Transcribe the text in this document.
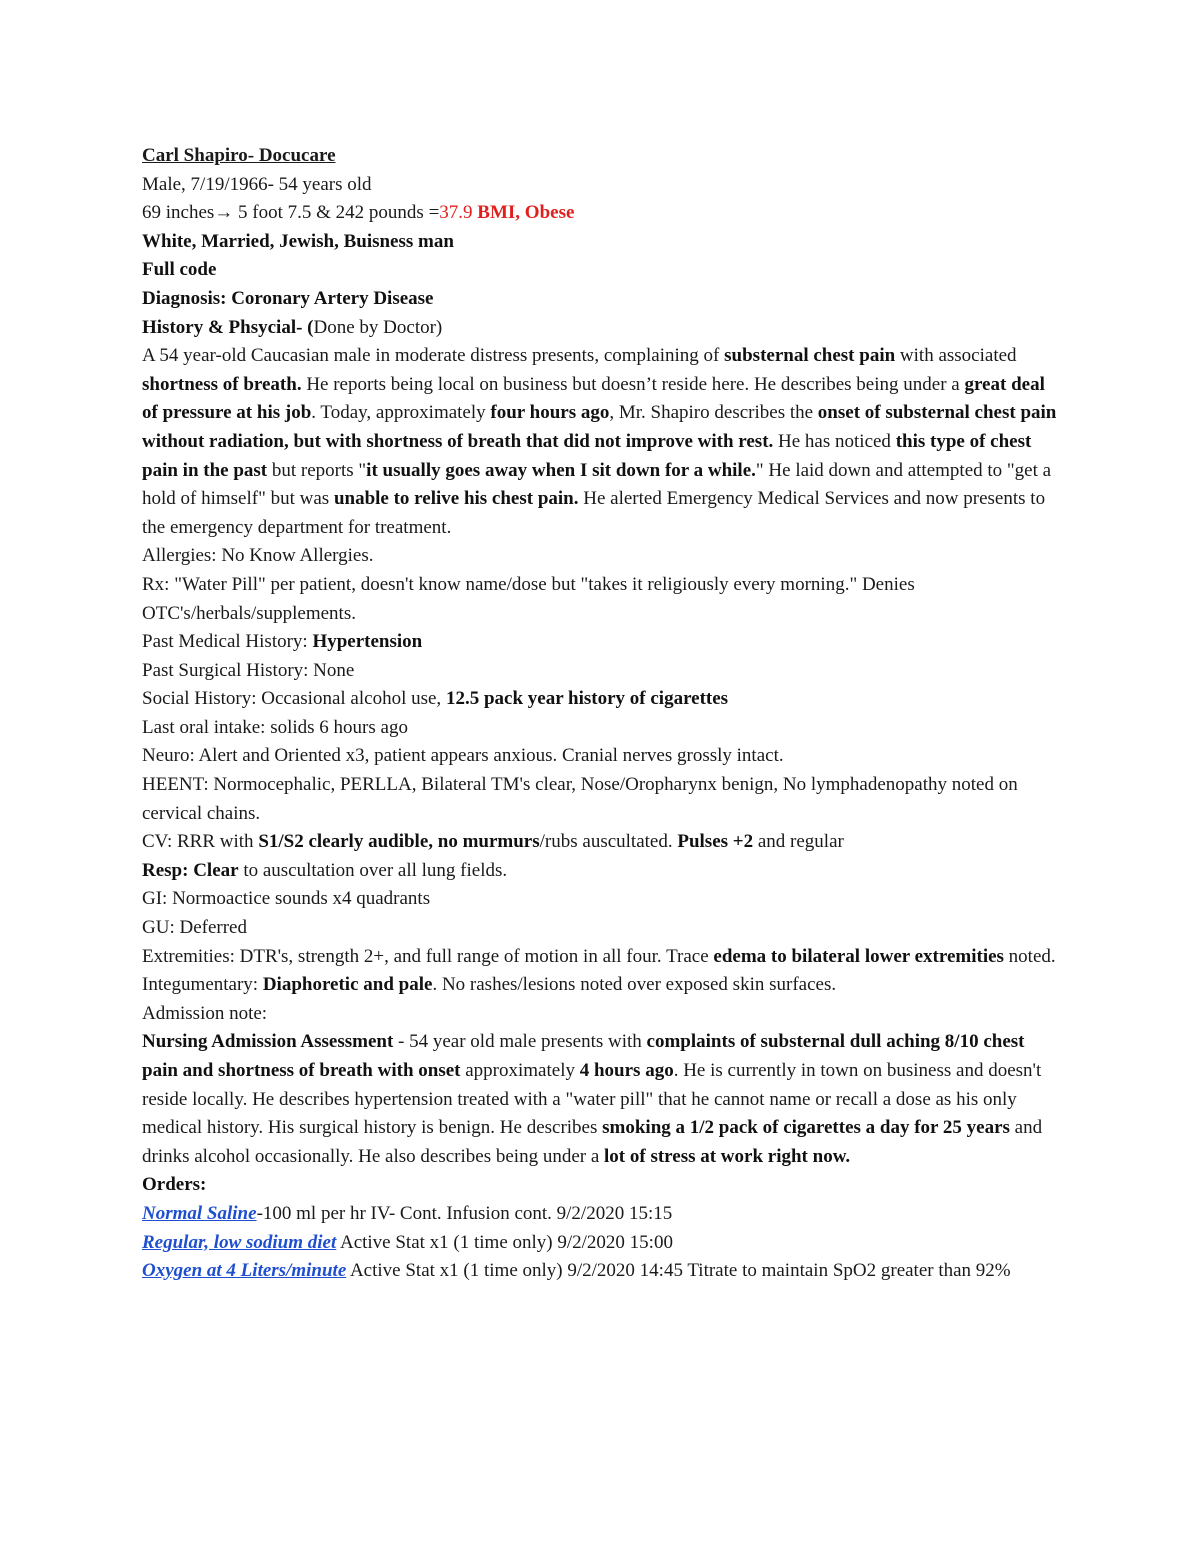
Carl Shapiro- Docucare
Male, 7/19/1966- 54 years old
69 inches→ 5 foot 7.5 & 242 pounds =37.9 BMI, Obese
White, Married, Jewish, Buisness man
Full code
Diagnosis: Coronary Artery Disease
History & Phsycial- (Done by Doctor)
A 54 year-old Caucasian male in moderate distress presents, complaining of substernal chest pain with associated shortness of breath. He reports being local on business but doesn’t reside here. He describes being under a great deal of pressure at his job. Today, approximately four hours ago, Mr. Shapiro describes the onset of substernal chest pain without radiation, but with shortness of breath that did not improve with rest. He has noticed this type of chest pain in the past but reports "it usually goes away when I sit down for a while." He laid down and attempted to "get a hold of himself" but was unable to relive his chest pain. He alerted Emergency Medical Services and now presents to the emergency department for treatment.
Allergies: No Know Allergies.
Rx: "Water Pill" per patient, doesn't know name/dose but "takes it religiously every morning." Denies OTC's/herbals/supplements.
Past Medical History: Hypertension
Past Surgical History: None
Social History: Occasional alcohol use, 12.5 pack year history of cigarettes
Last oral intake: solids 6 hours ago
Neuro: Alert and Oriented x3, patient appears anxious. Cranial nerves grossly intact.
HEENT: Normocephalic, PERLLA, Bilateral TM's clear, Nose/Oropharynx benign, No lymphadenopathy noted on cervical chains.
CV: RRR with S1/S2 clearly audible, no murmurs/rubs auscultated. Pulses +2 and regular
Resp: Clear to auscultation over all lung fields.
GI: Normoactice sounds x4 quadrants
GU: Deferred
Extremities: DTR's, strength 2+, and full range of motion in all four. Trace edema to bilateral lower extremities noted.
Integumentary: Diaphoretic and pale. No rashes/lesions noted over exposed skin surfaces.
Admission note:
Nursing Admission Assessment - 54 year old male presents with complaints of substernal dull aching 8/10 chest pain and shortness of breath with onset approximately 4 hours ago. He is currently in town on business and doesn't reside locally. He describes hypertension treated with a "water pill" that he cannot name or recall a dose as his only medical history. His surgical history is benign. He describes smoking a 1/2 pack of cigarettes a day for 25 years and drinks alcohol occasionally. He also describes being under a lot of stress at work right now.
Orders:
Normal Saline-100 ml per hr IV- Cont. Infusion cont. 9/2/2020 15:15
Regular, low sodium diet Active Stat x1 (1 time only) 9/2/2020 15:00
Oxygen at 4 Liters/minute Active Stat x1 (1 time only) 9/2/2020 14:45 Titrate to maintain SpO2 greater than 92%
